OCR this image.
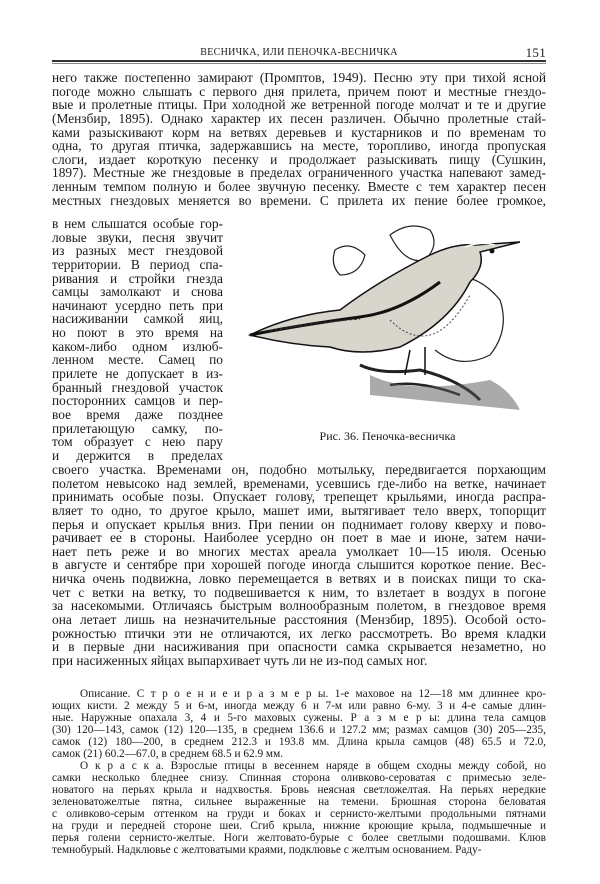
ВЕСНИЧКА, ИЛИ ПЕНОЧКА-ВЕСНИЧКА	151
него также постепенно замирают (Промптов, 1949). Песню эту при тихой ясной
погоде можно слышать с первого дня прилета, причем поют и местные гнездо-
вые и пролетные птицы. При холодной же ветренной погоде молчат и те и другие
(Мензбир, 1895). Однако характер их песен различен. Обычно пролетные стай-
ками разыскивают корм на ветвях деревьев и кустарников и по временам то
одна, то другая птичка, задержавшись на месте, торопливо, иногда пропуская
слоги, издает короткую песенку и продолжает разыскивать пищу (Сушкин,
1897). Местные же гнездовые в пределах ограниченного участка напевают замед-
ленным темпом полную и более звучную песенку. Вместе с тем характер песен
местных гнездовых меняется во времени. С прилета их пение более громкое,
в нем слышатся особые гор-
ловые звуки, песня звучит
из разных мест гнездовой
территории. В период спа-
ривания и стройки гнезда
самцы замолкают и снова
начинают усердно петь при
насиживании самкой яиц,
но поют в это время на
каком-либо одном излюб-
ленном месте. Самец по
прилете не допускает в из-
бранный гнездовой участок
посторонних самцов и пер-
вое время даже позднее
прилетающую самку, по-
том образует с нею пару
и держится в пределах
своего участка. Временами он, подобно мотыльку, передвигается порхающим
полетом невысоко над землей, временами, усевшись где-либо на ветке, начинает
принимать особые позы. Опускает голову, трепещет крыльями, иногда распра-
вляет то одно, то другое крыло, машет ими, вытягивает тело вверх, топорщит
перья и опускает крылья вниз. При пении он поднимает голову кверху и пово-
рачивает ее в стороны. Наиболее усердно он поет в мае и июне, затем начи-
нает петь реже и во многих местах ареала умолкает 10—15 июля. Осенью
в августе и сентябре при хорошей погоде иногда слышится короткое пение. Вес-
ничка очень подвижна, ловко перемещается в ветвях и в поисках пищи то ска-
чет с ветки на ветку, то подвешивается к ним, то взлетает в воздух в погоне
за насекомыми. Отличаясь быстрым волнообразным полетом, в гнездовое время
она летает лишь на незначительные расстояния (Мензбир, 1895). Особой осто-
рожностью птички эти не отличаются, их легко рассмотреть. Во время кладки
и в первые дни насиживания при опасности самка скрывается незаметно, но
при насиженных яйцах выпархивает чуть ли не из-под самых ног.
Рис. 36. Пеночка-весничка
Описание. С т р о е н и е и р а з м е р ы. 1-е маховое на 12—18 мм длиннее кро-
ющих кисти. 2 между 5 и 6-м, иногда между 6 и 7-м или равно 6-му. 3 и 4-е самые длин-
ные. Наружные опахала 3, 4 и 5-го маховых сужены. Р а з м е р ы: длина тела самцов
(30) 120—143, самок (12) 120—135, в среднем 136.6 и 127.2 мм; размах самцов (30) 205—235,
самок (12) 180—200, в среднем 212.3 и 193.8 мм. Длина крыла самцов (48) 65.5 и 72.0,
самок (21) 60.2—67.0, в среднем 68.5 и 62.9 мм.
О к р а с к а. Взрослые птицы в весеннем наряде в общем сходны между собой, но
самки несколько бледнее снизу. Спинная сторона оливково-сероватая с примесью зеле-
новатого на перьях крыла и надхвостья. Бровь неясная светложелтая. На перьях нередкие
зеленоватожелтые пятна, сильнее выраженные на темени. Брюшная сторона беловатая
с оливково-серым оттенком на груди и боках и сернисто-желтыми продольными пятнами
на груди и передней стороне шеи. Сгиб крыла, нижние кроющие крыла, подмышечные и
перья голени сернисто-желтые. Ноги желтовато-бурые с более светлыми подошвами. Клюв
темнобурый. Надклювье с желтоватыми краями, подклювье с желтым основанием. Раду-
